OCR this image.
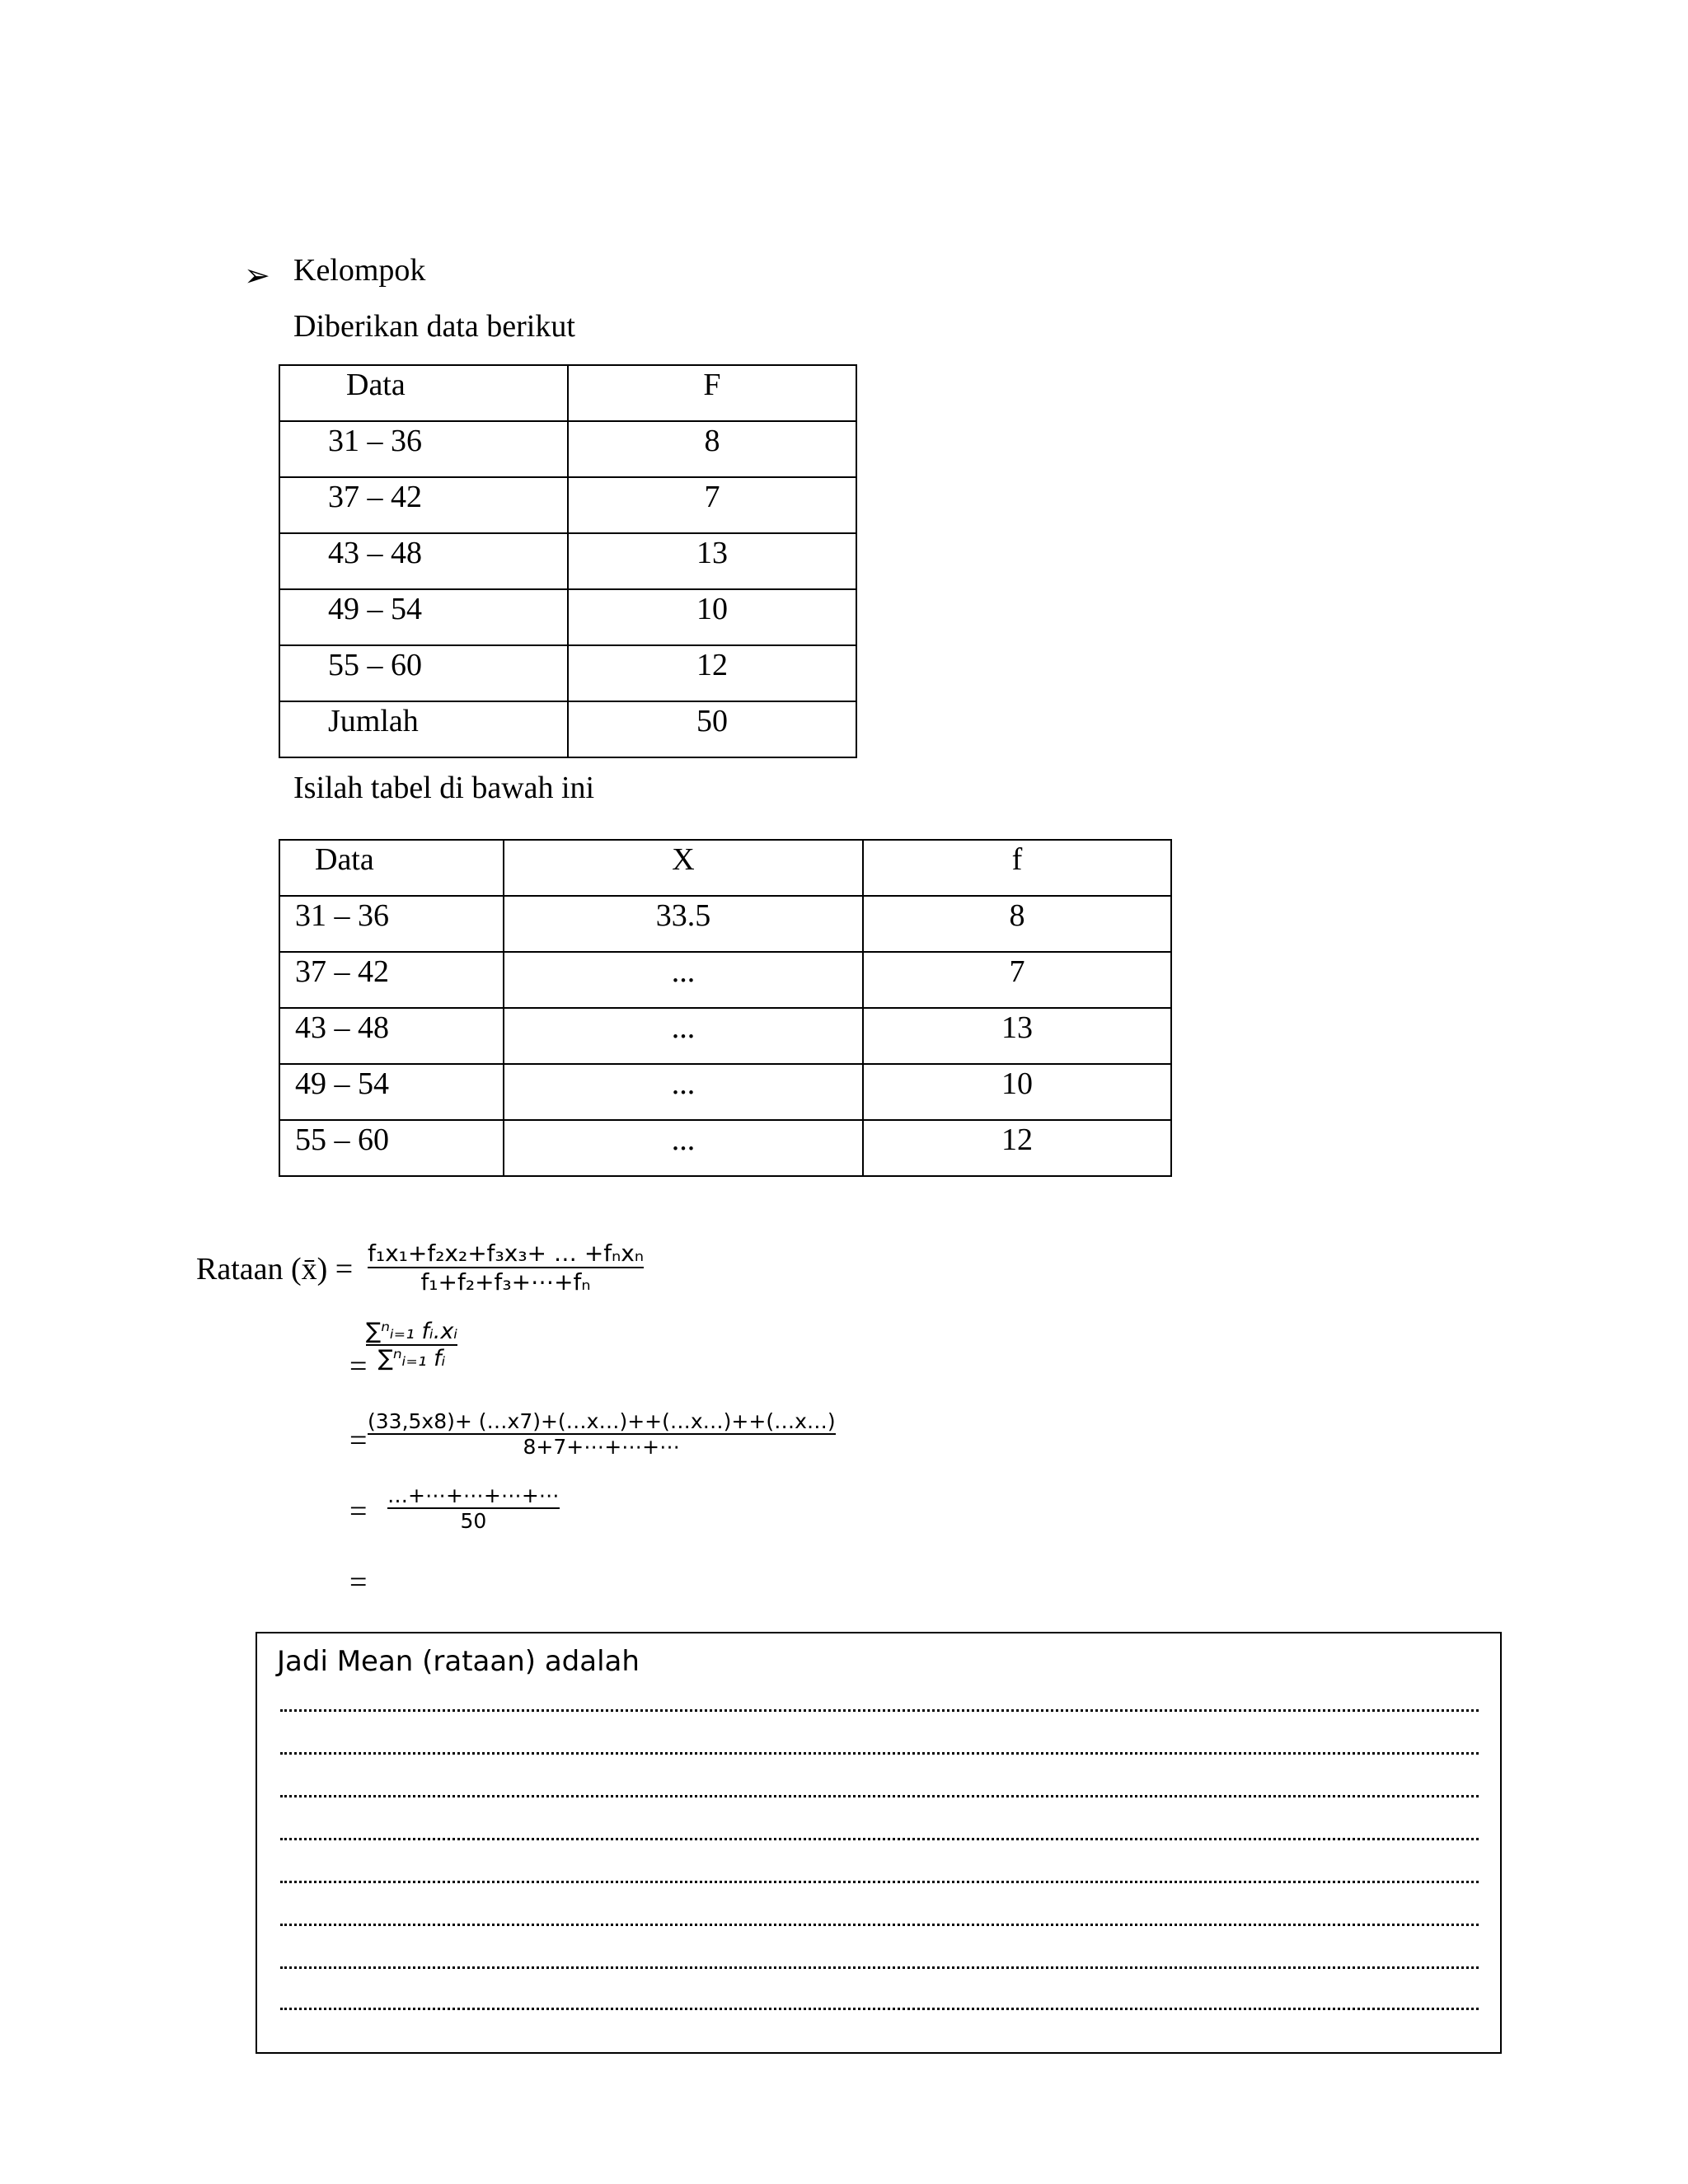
➢ Kelompok
Diberikan data berikut
Data	F
31 – 36	8
37 – 42	7
43 – 48	13
49 – 54	10
55 – 60	12
Jumlah	50
Isilah tabel di bawah ini
Data	X	f
31 – 36	33.5	8
37 – 42	...	7
43 – 48	...	13
49 – 54	...	10
55 – 60	...	12
Rataan (x̄) = f₁x₁+f₂x₂+f₃x₃+ … +fₙxₙ
f₁+f₂+f₃+⋯+fₙ
=
∑ⁿᵢ₌₁ fᵢ.xᵢ
∑ⁿᵢ₌₁ fᵢ
=
(33,5x8)+ (…x7)+(…x…)++(…x…)++(…x…)
8+7+⋯+⋯+⋯
= …+⋯+⋯+⋯+⋯
50
=
Jadi Mean (rataan) adalah
